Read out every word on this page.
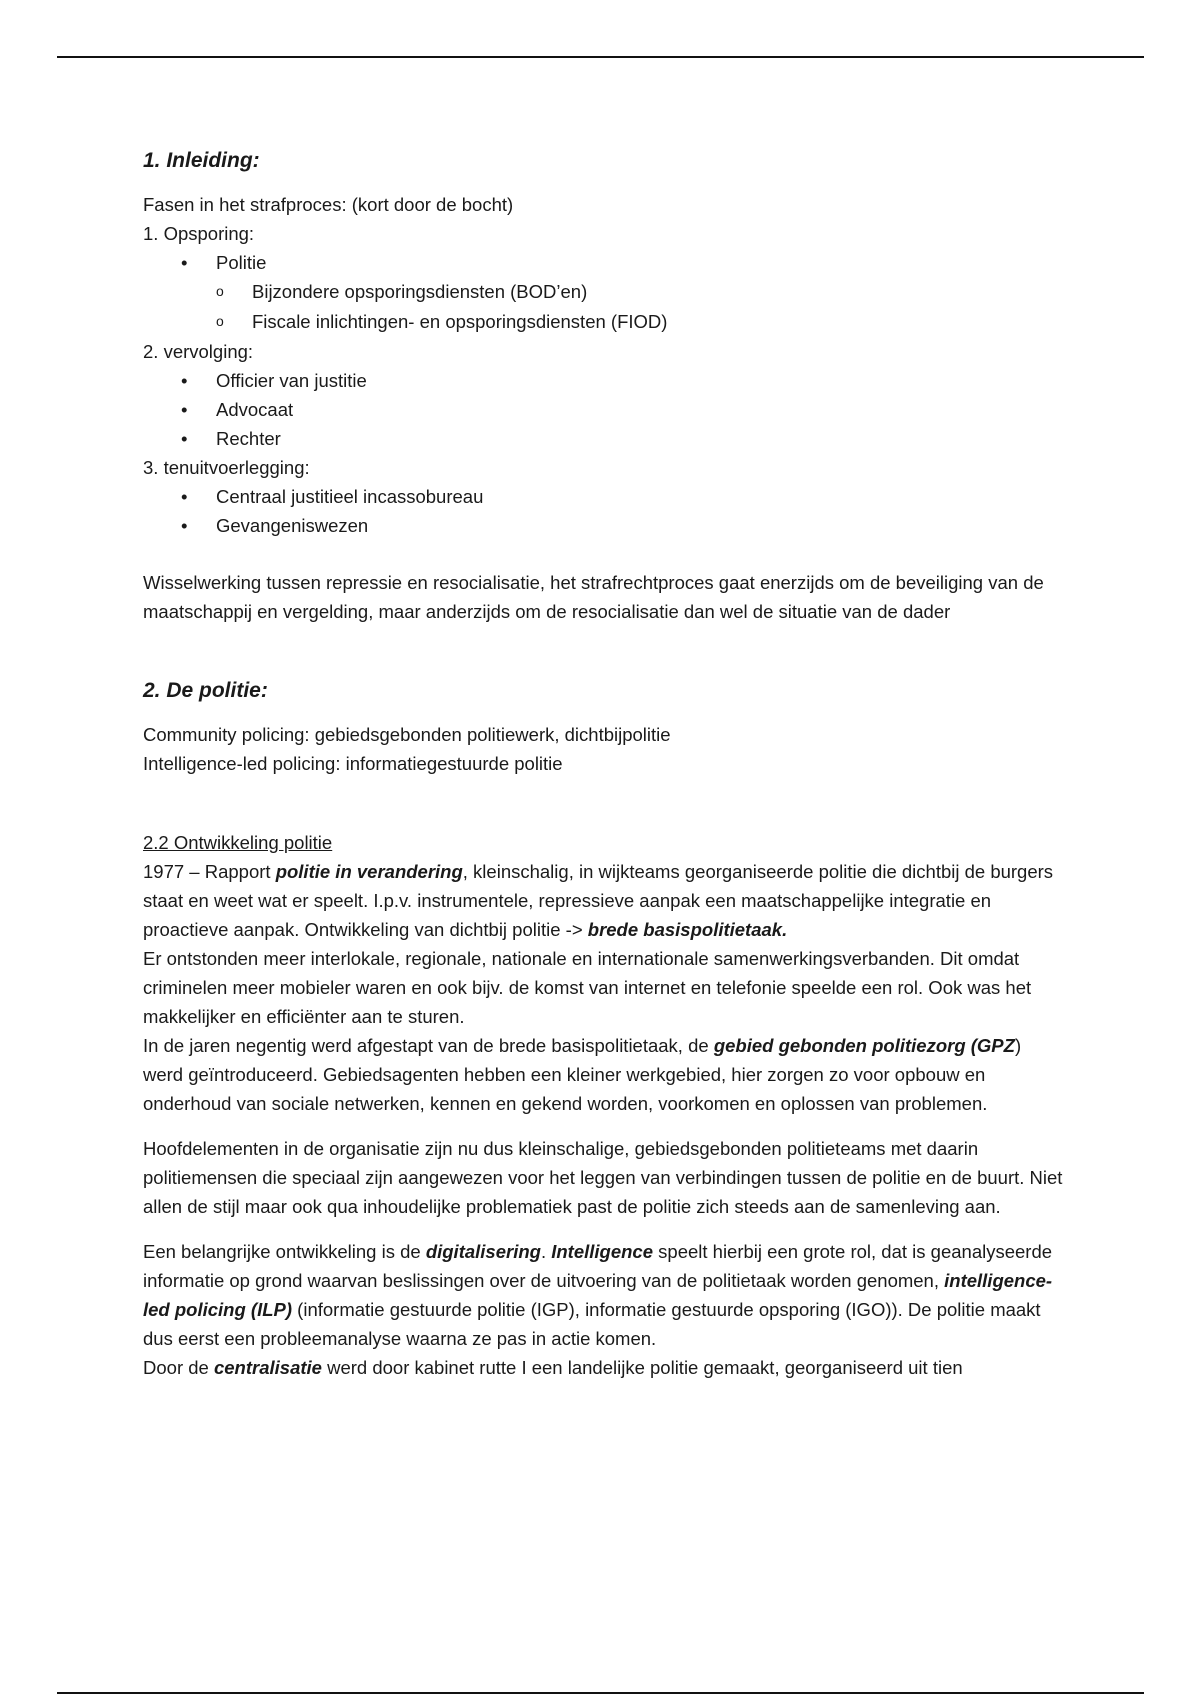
1. Inleiding:

Fasen in het strafproces: (kort door de bocht)

1. Opsporing:

• Politie
o Bijzondere opsporingsdiensten (BOD’en)
o Fiscale inlichtingen- en opsporingsdiensten (FIOD)

2. vervolging:

• Officier van justitie
• Advocaat
• Rechter

3. tenuitvoerlegging:

• Centraal justitieel incassobureau
• Gevangeniswezen

Wisselwerking tussen repressie en resocialisatie, het strafrechtproces gaat enerzijds om de beveiliging van de maatschappij en vergelding, maar anderzijds om de resocialisatie dan wel de situatie van de dader

2. De politie:

Community policing: gebiedsgebonden politiewerk, dichtbijpolitie

Intelligence-led policing: informatiegestuurde politie

2.2 Ontwikkeling politie

1977 – Rapport politie in verandering, kleinschalig, in wijkteams georganiseerde politie die dichtbij de burgers staat en weet wat er speelt. I.p.v. instrumentele, repressieve aanpak een maatschappelijke integratie en proactieve aanpak. Ontwikkeling van dichtbij politie -> brede basispolitietaak.

Er ontstonden meer interlokale, regionale, nationale en internationale samenwerkingsverbanden. Dit omdat criminelen meer mobieler waren en ook bijv. de komst van internet en telefonie speelde een rol. Ook was het makkelijker en efficiënter aan te sturen.

In de jaren negentig werd afgestapt van de brede basispolitietaak, de gebied gebonden politiezorg (GPZ) werd geïntroduceerd. Gebiedsagenten hebben een kleiner werkgebied, hier zorgen zo voor opbouw en onderhoud van sociale netwerken, kennen en gekend worden, voorkomen en oplossen van problemen.

Hoofdelementen in de organisatie zijn nu dus kleinschalige, gebiedsgebonden politieteams met daarin politiemensen die speciaal zijn aangewezen voor het leggen van verbindingen tussen de politie en de buurt. Niet allen de stijl maar ook qua inhoudelijke problematiek past de politie zich steeds aan de samenleving aan.

Een belangrijke ontwikkeling is de digitalisering. Intelligence speelt hierbij een grote rol, dat is geanalyseerde informatie op grond waarvan beslissingen over de uitvoering van de politietaak worden genomen, intelligence- led policing (ILP) (informatie gestuurde politie (IGP), informatie gestuurde opsporing (IGO)). De politie maakt dus eerst een probleemanalyse waarna ze pas in actie komen.

Door de centralisatie werd door kabinet rutte I een landelijke politie gemaakt, georganiseerd uit tien
